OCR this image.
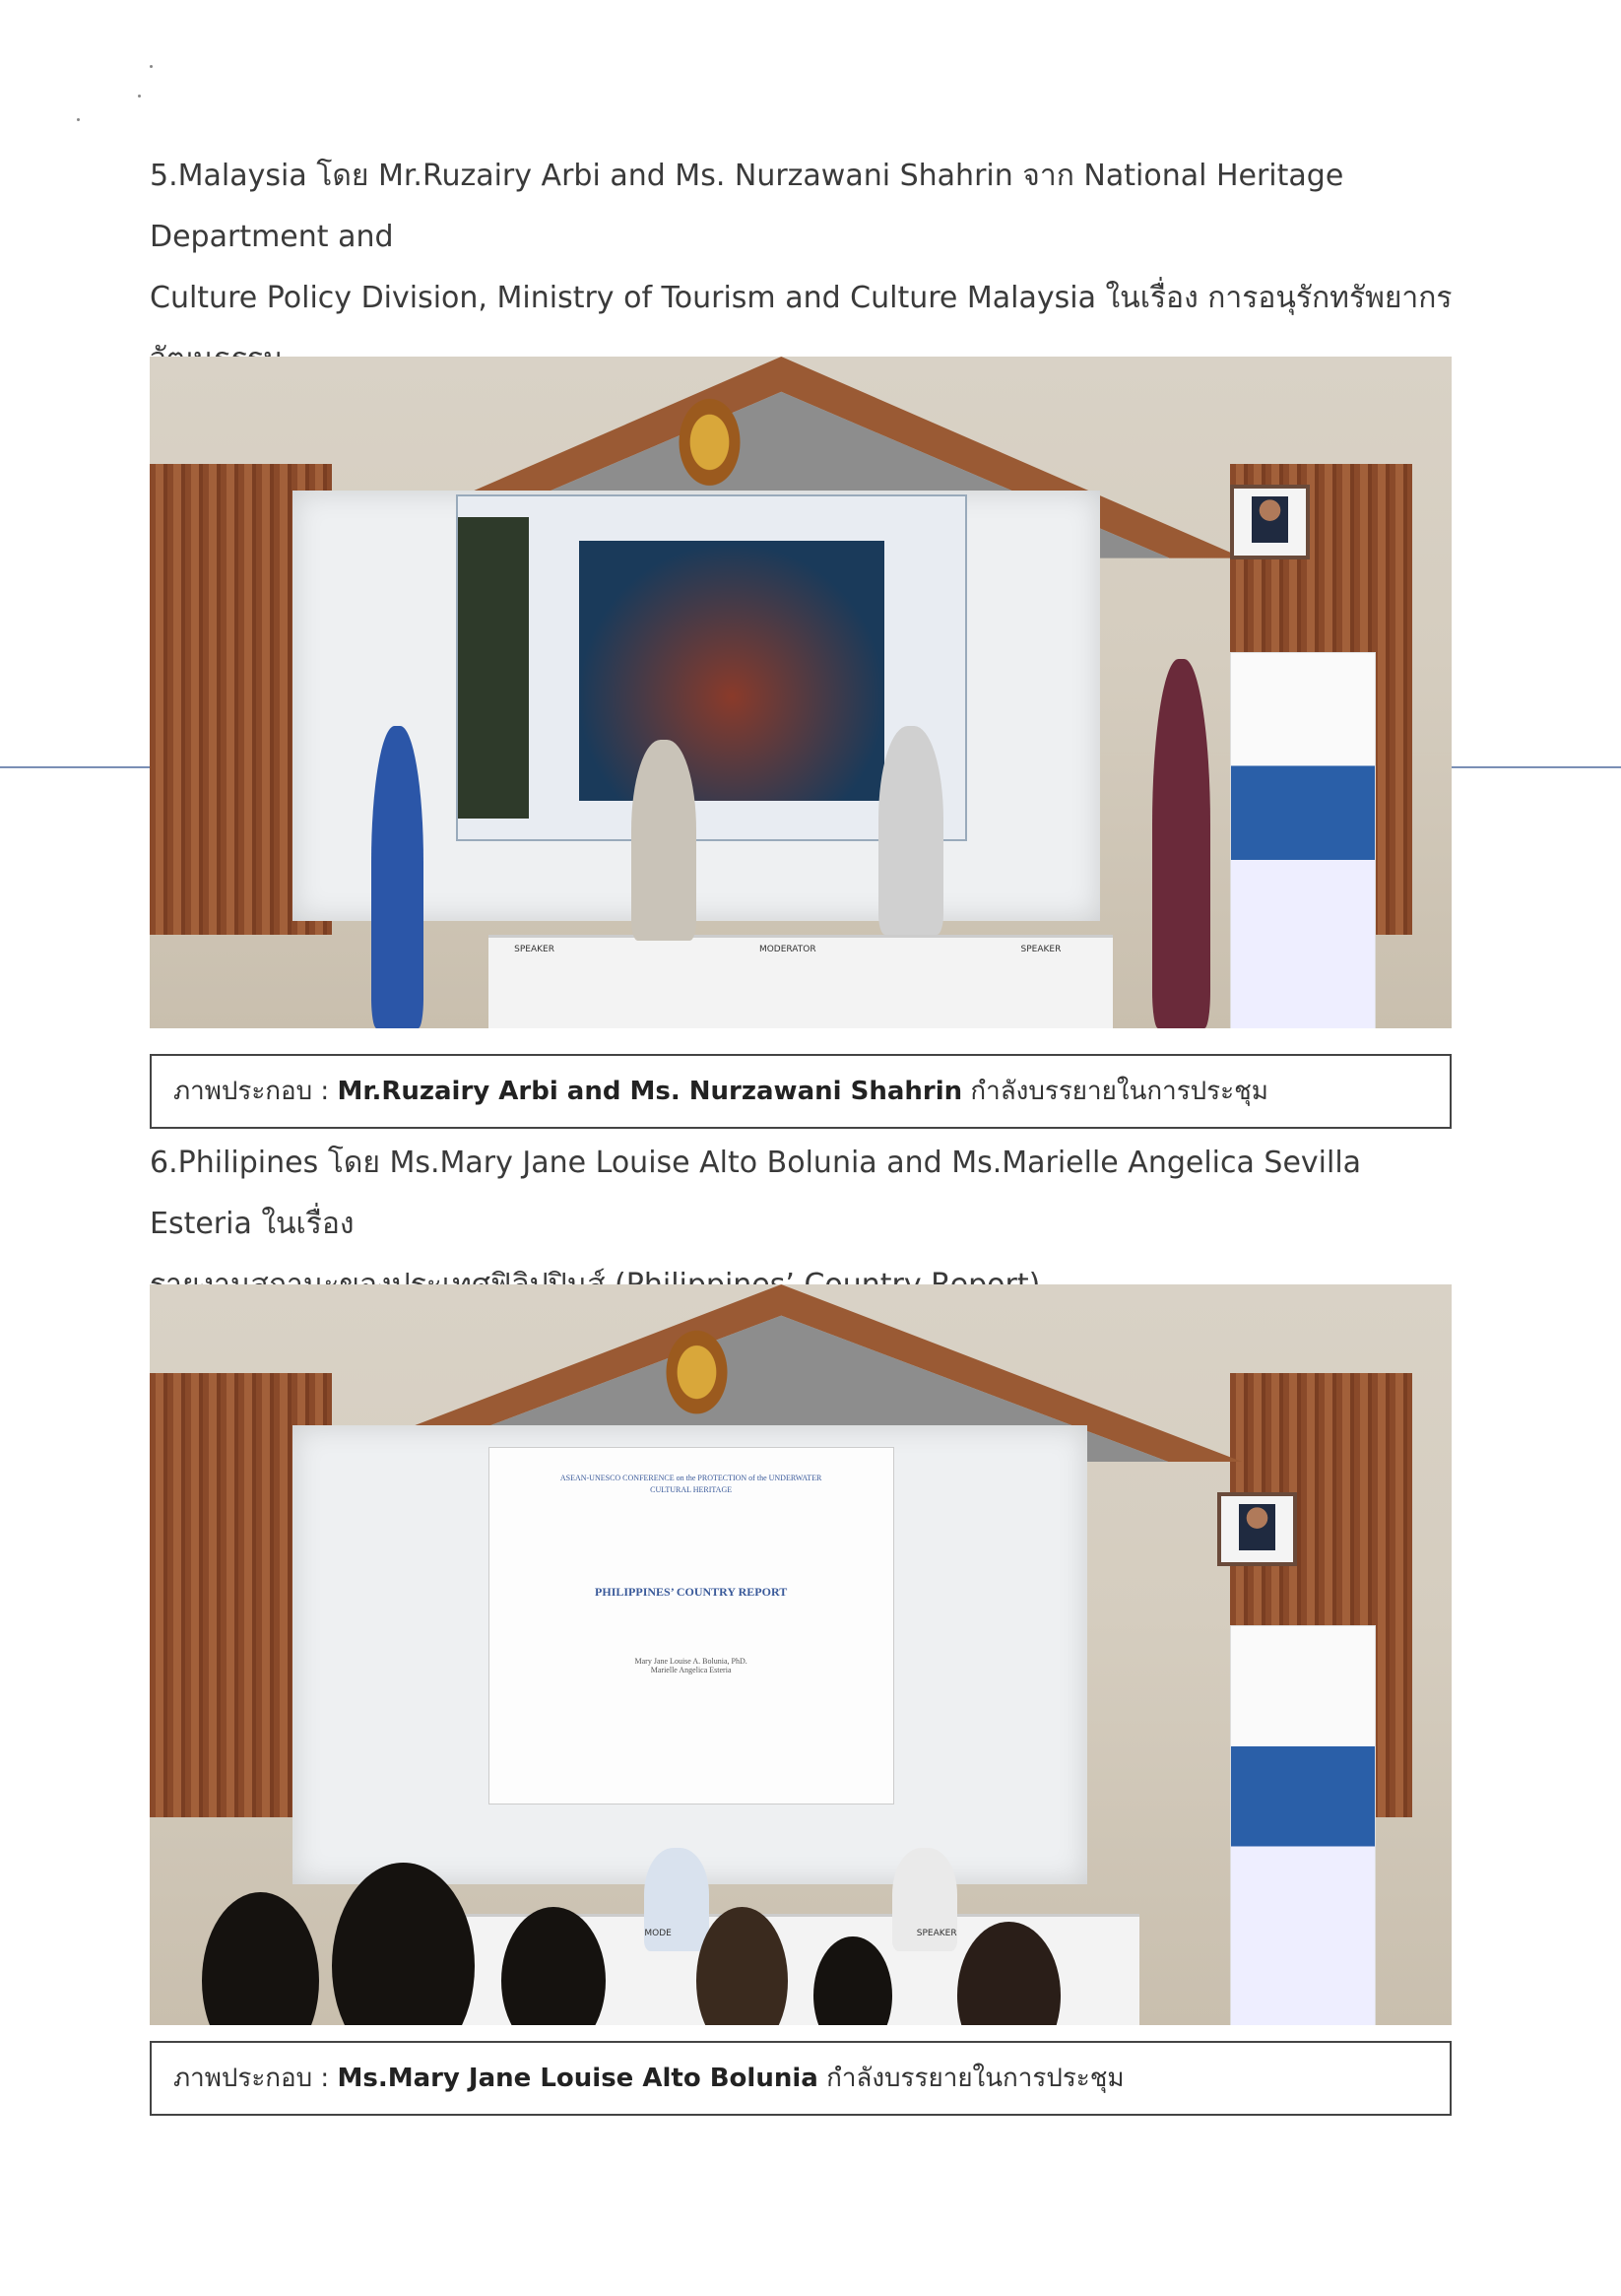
5.Malaysia โดย Mr.Ruzairy Arbi and Ms. Nurzawani Shahrin จาก National Heritage Department and

Culture Policy Division, Ministry of Tourism and Culture Malaysia ในเรื่อง การอนุรักทรัพยากร

SPEAKER	MODERATOR	SPEAKER
ภาพประกอบ : Mr.Ruzairy Arbi and Ms. Nurzawani Shahrin กำลังบรรยายในการประชุม

6.Philipines โดย Ms.Mary Jane Louise Alto Bolunia and Ms.Marielle Angelica Sevilla Esteria ในเรื่อง

ASEAN-UNESCO CONFERENCE on the PROTECTION of the UNDERWATER CULTURAL HERITAGE
PHILIPPINES’ COUNTRY REPORT
Mary Jane Louise A. Bolunia, PhD.
Marielle Angelica Esteria
MODE	SPEAKER
ภาพประกอบ : Ms.Mary Jane Louise Alto Bolunia กำลังบรรยายในการประชุม
